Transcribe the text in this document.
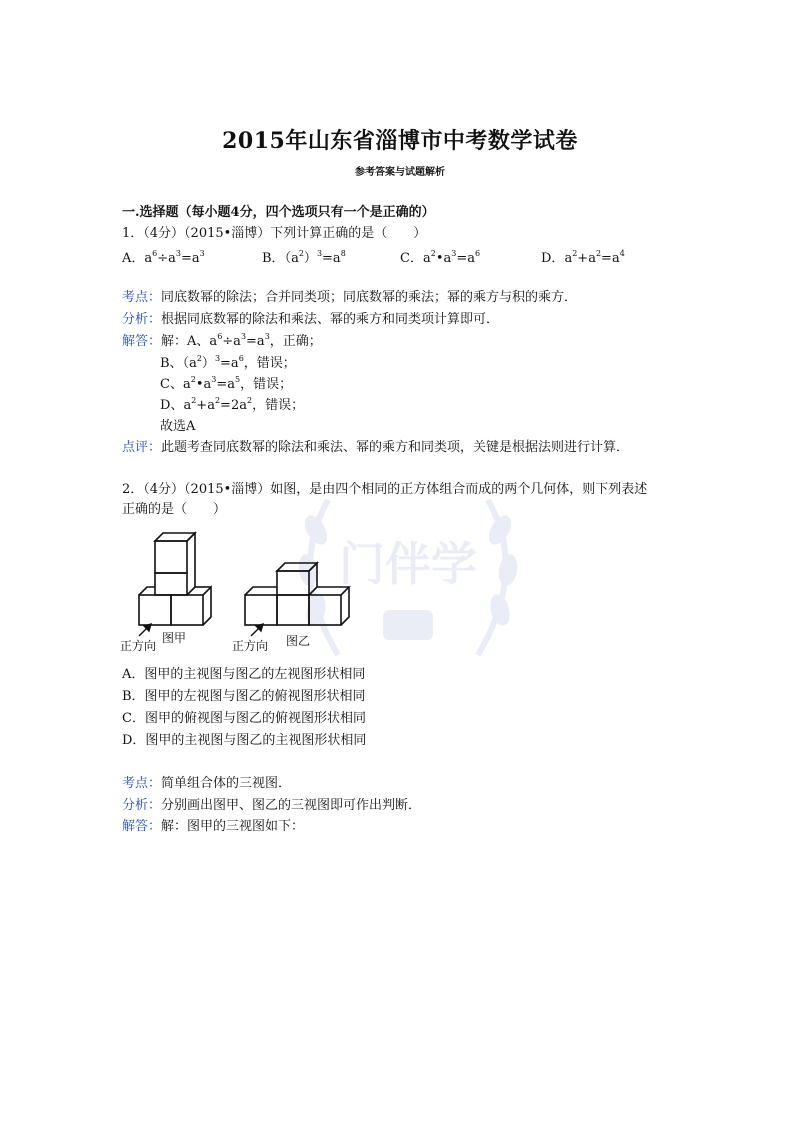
门伴学
2015年山东省淄博市中考数学试卷
参考答案与试题解析
一.选择题（每小题4分，四个选项只有一个是正确的）
1．（4分）（2015•淄博）下列计算正确的是（　　）
A．$a^6\div a^3=a^3$	B．$(a^2)^3=a^8$	C．$a^2•a^3=a^6$	D．$a^2+a^2=a^4$
考点：同底数幂的除法；合并同类项；同底数幂的乘法；幂的乘方与积的乘方．
分析：根据同底数幂的除法和乘法、幂的乘方和同类项计算即可．
解答：解：A、$a^6\div a^3=a^3$，正确；
B、$(a^2)^3=a^6$，错误；
C、$a^2•a^3=a^5$，错误；
D、$a^2+a^2=2a^2$，错误；
故选A
点评：此题考查同底数幂的除法和乘法、幂的乘方和同类项，关键是根据法则进行计算．
2．（4分）（2015•淄博）如图，是由四个相同的正方体组合而成的两个几何体，则下列表述
正确的是（　　）
正方向
图甲
正方向 图乙
A．图甲的主视图与图乙的左视图形状相同
B．图甲的左视图与图乙的俯视图形状相同
C．图甲的俯视图与图乙的俯视图形状相同
D．图甲的主视图与图乙的主视图形状相同
考点：简单组合体的三视图．
分析：分别画出图甲、图乙的三视图即可作出判断．
解答：解：图甲的三视图如下：
